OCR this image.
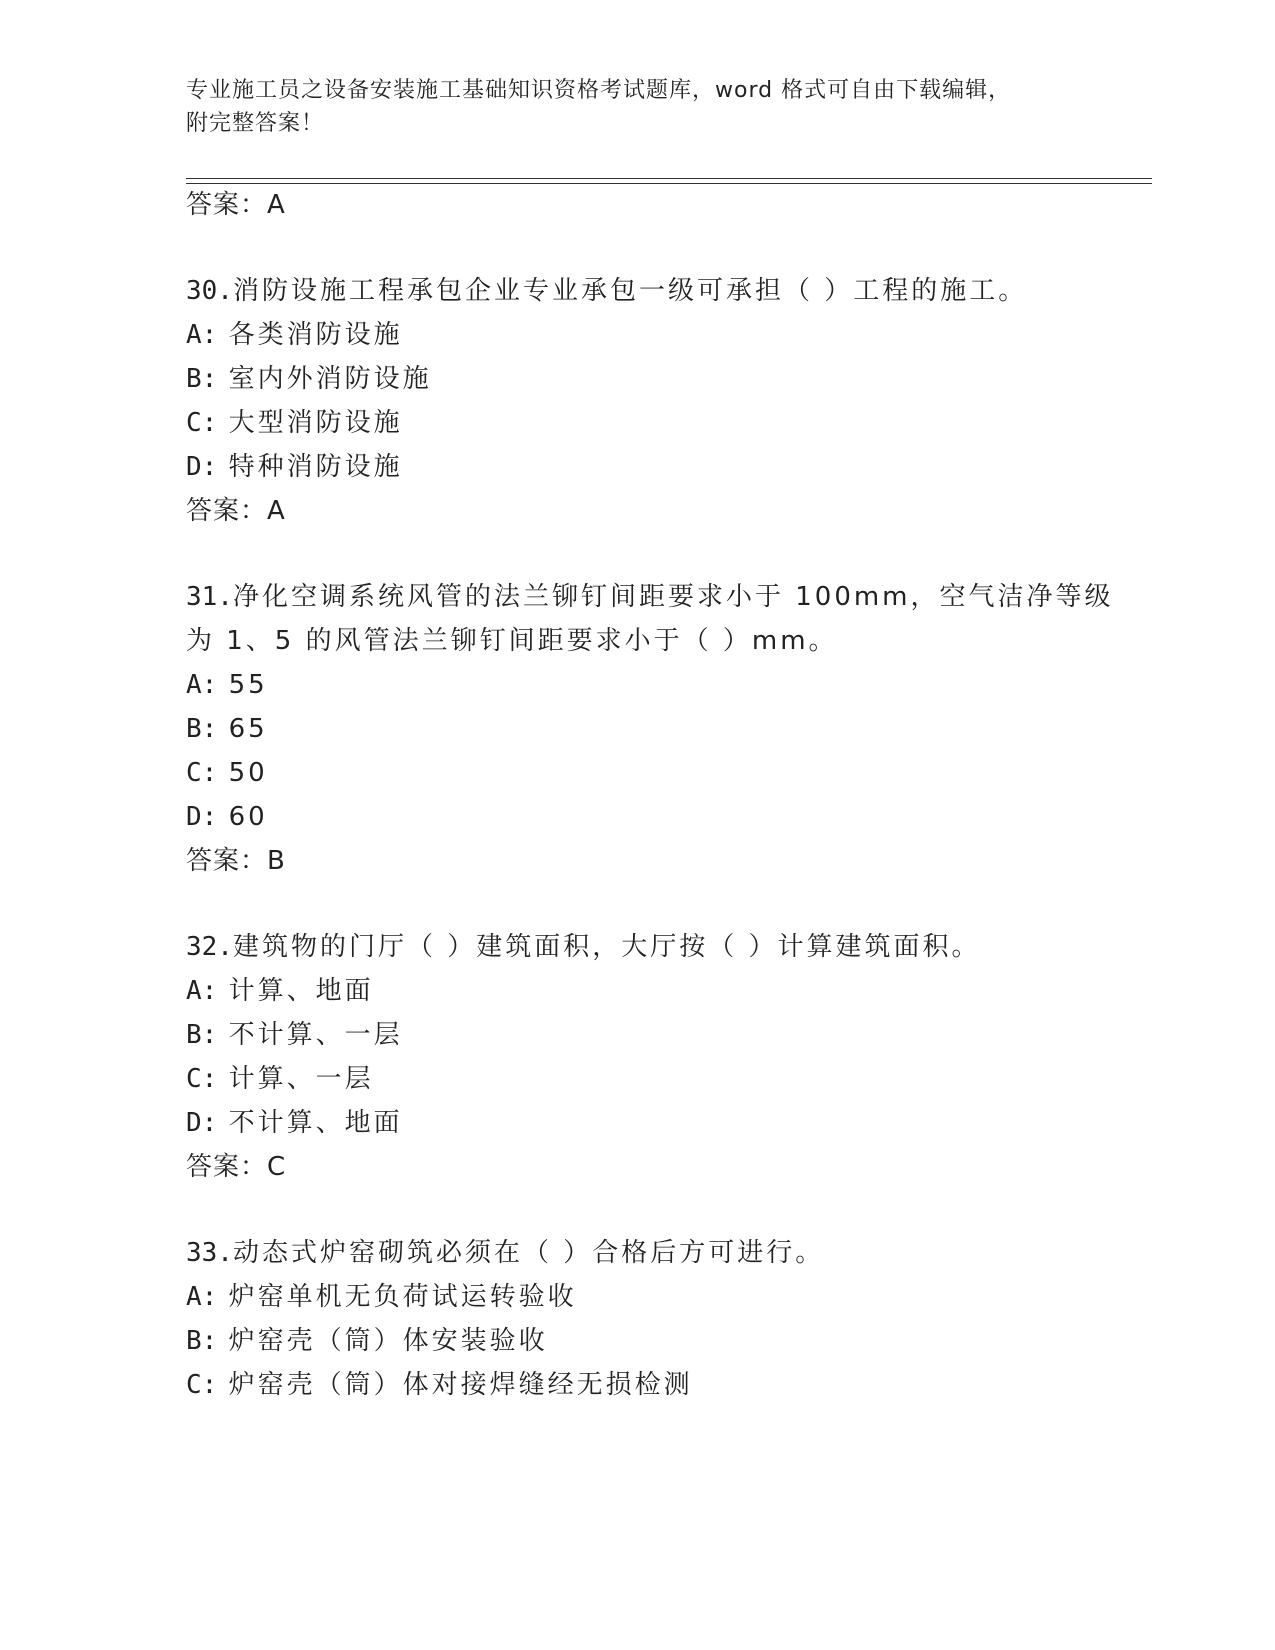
专业施工员之设备安装施工基础知识资格考试题库，word 格式可自由下载编辑，
附完整答案！
答案：A
30.消防设施工程承包企业专业承包一级可承担（ ）工程的施工。
A: 各类消防设施
B: 室内外消防设施
C: 大型消防设施
D: 特种消防设施
答案：A
31.净化空调系统风管的法兰铆钉间距要求小于 100mm，空气洁净等级
为 1、5 的风管法兰铆钉间距要求小于（ ）mm。
A: 55
B: 65
C: 50
D: 60
答案：B
32.建筑物的门厅（ ）建筑面积，大厅按（ ）计算建筑面积。
A: 计算、地面
B: 不计算、一层
C: 计算、一层
D: 不计算、地面
答案：C
33.动态式炉窑砌筑必须在（ ）合格后方可进行。
A: 炉窑单机无负荷试运转验收
B: 炉窑壳（筒）体安装验收
C: 炉窑壳（筒）体对接焊缝经无损检测
